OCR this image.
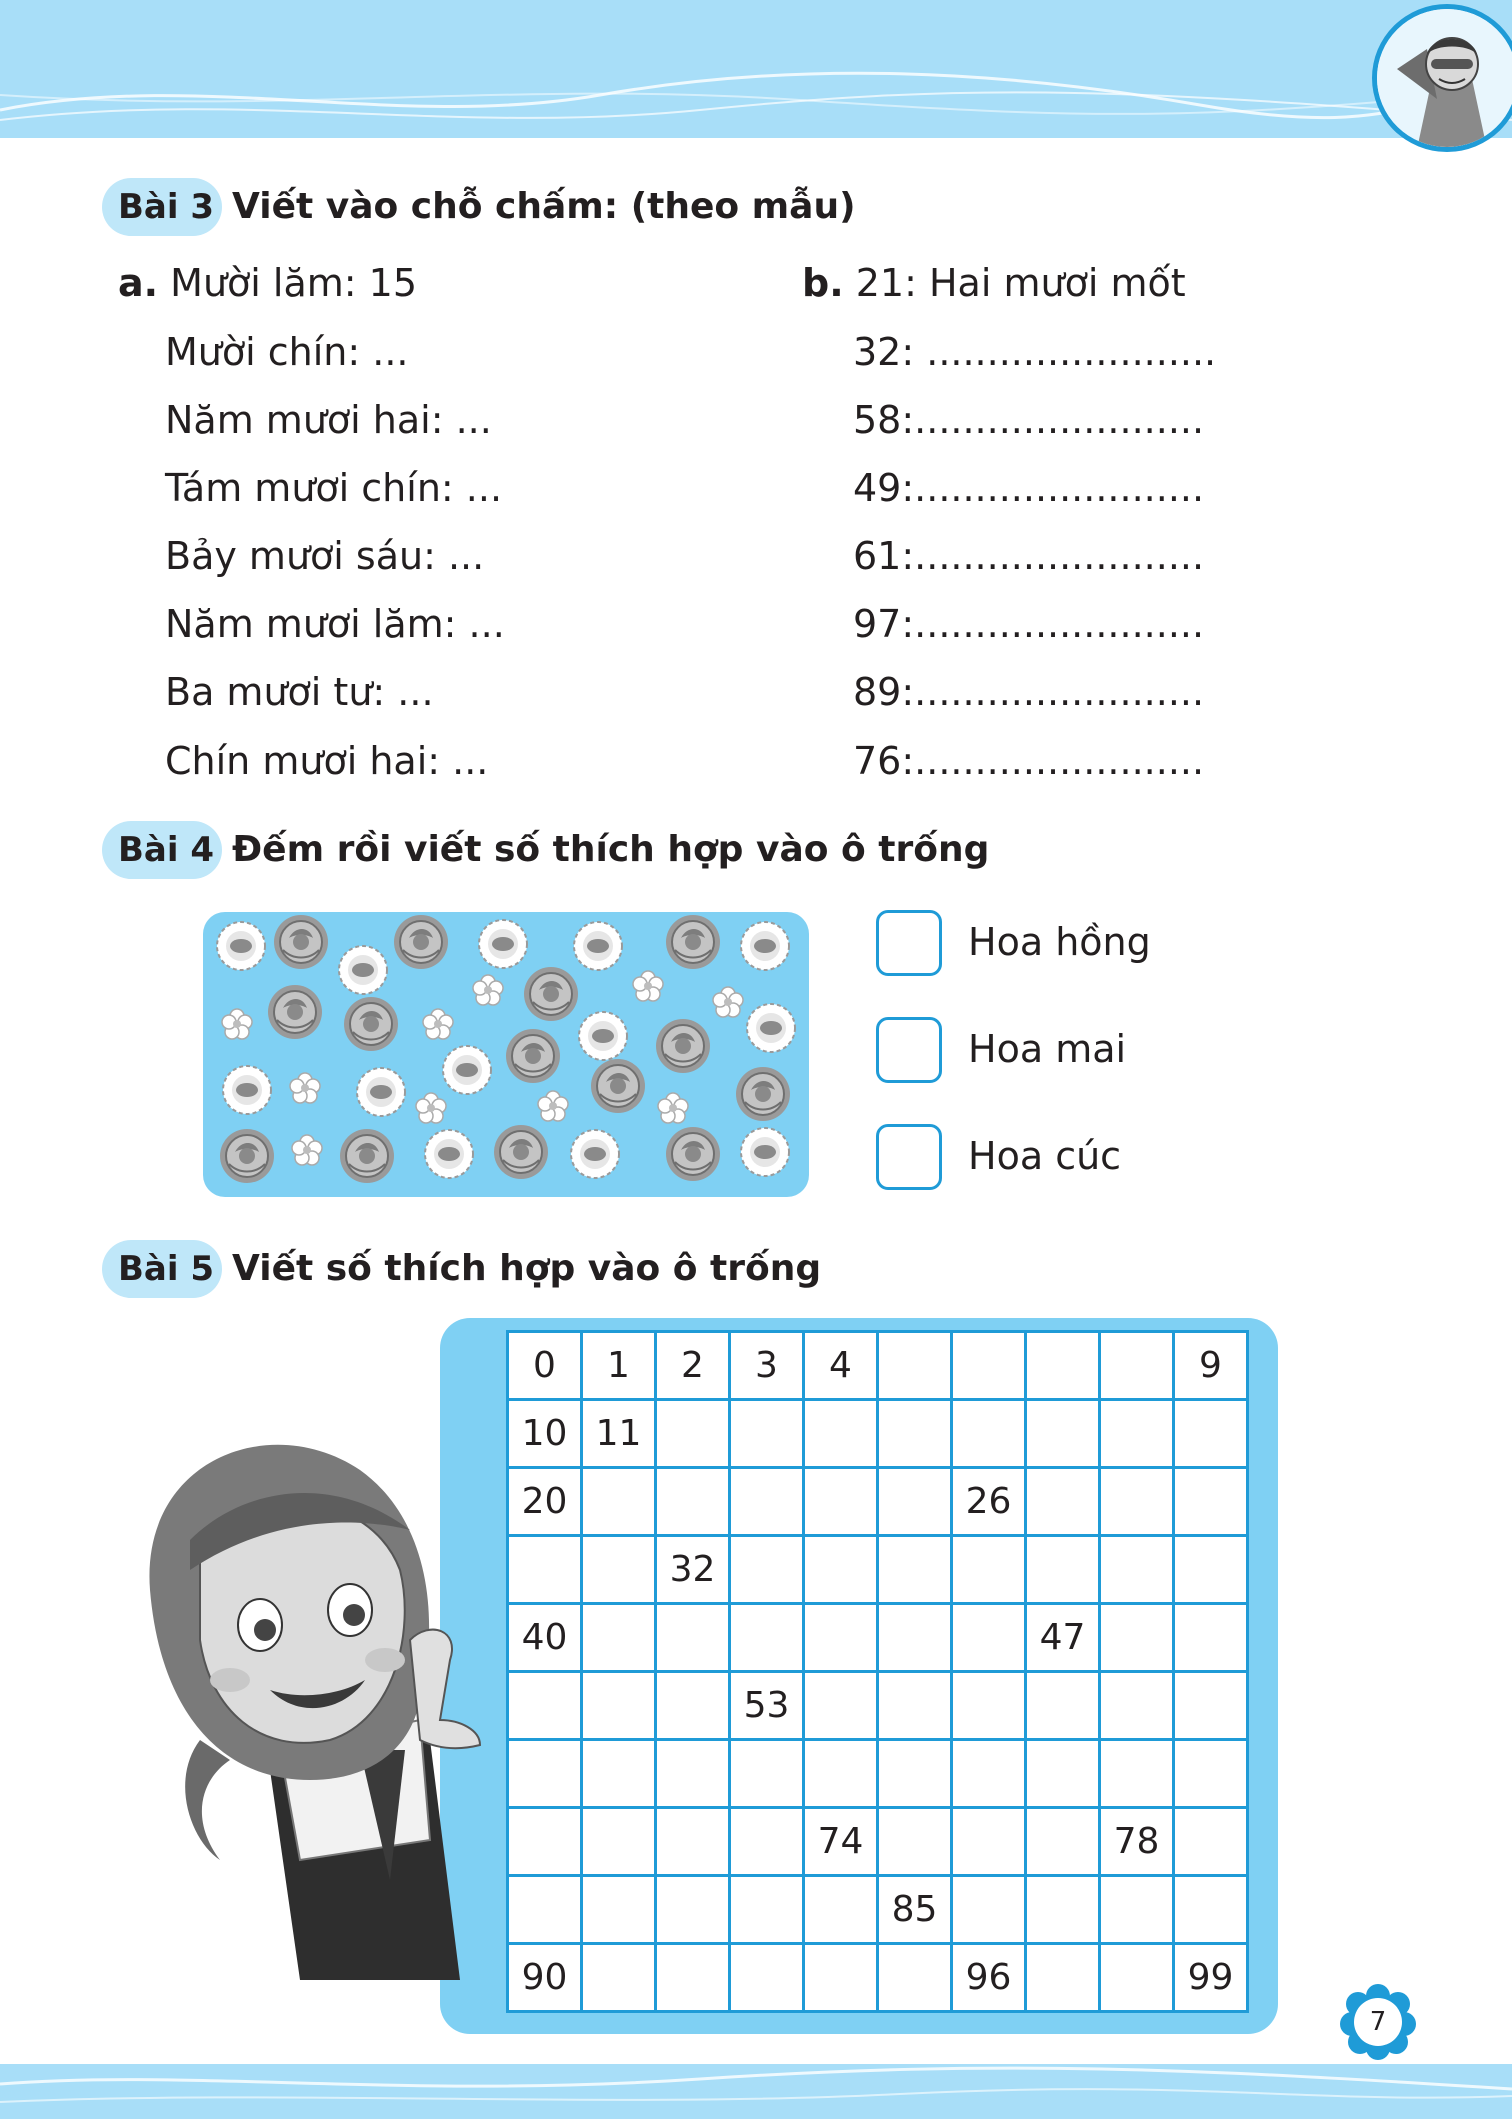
Bài 3 Viết vào chỗ chấm: (theo mẫu)
a. Mười lăm: 15
Mười chín: ...
Năm mươi hai: ...
Tám mươi chín: ...
Bảy mươi sáu: ...
Năm mươi lăm: ...
Ba mươi tư: ...
Chín mươi hai: ...
b. 21: Hai mươi mốt
32: ........................
58:........................
49:........................
61:........................
97:........................
89:........................
76:........................
Bài 4 Đếm rồi viết số thích hợp vào ô trống
Hoa hồng
Hoa mai
Hoa cúc
Bài 5 Viết số thích hợp vào ô trống
0	1	2	3	4					9
10	11								
20						26			
		32							
40							47		
			53						

				74				78	
					85				
90						96			99
7
